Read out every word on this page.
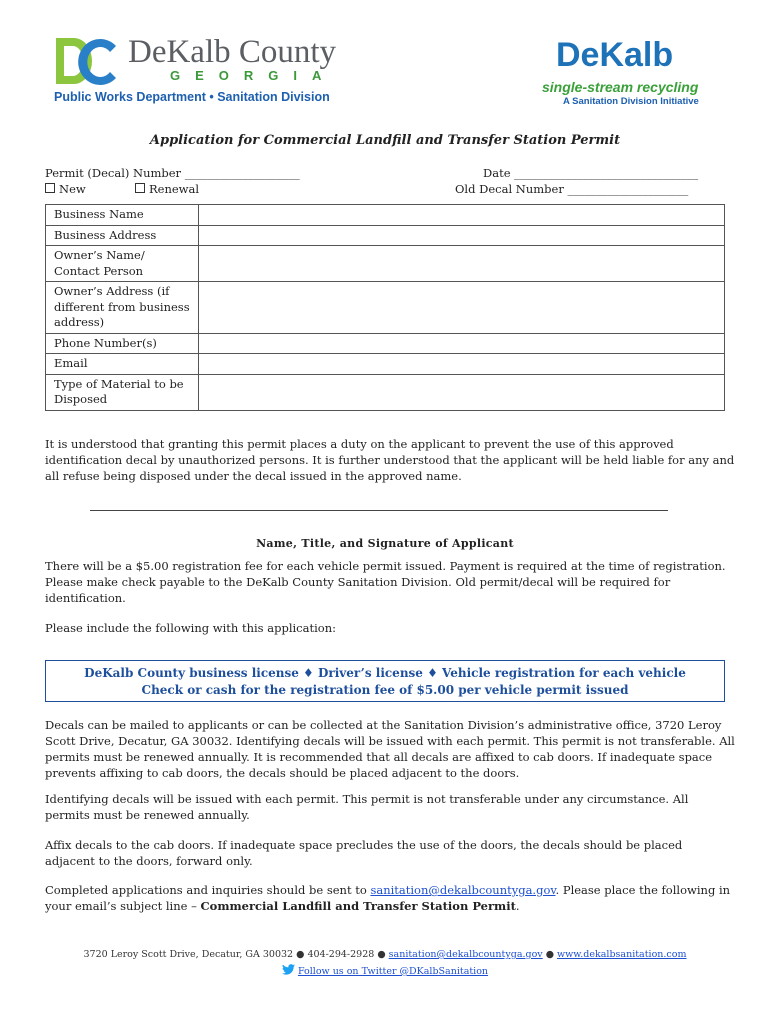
DeKalb County
GEORGIA
Public Works Department • Sanitation Division
DeKalb
single-stream recycling
A Sanitation Division Initiative
Application for Commercial Landfill and Transfer Station Permit
Permit (Decal) Number ____________________
New	Renewal
Date ________________________________
Old Decal Number _____________________
Business Name	
Business Address	
Owner’s Name/ Contact Person	
Owner’s Address (if different from business address)	
Phone Number(s)	
Email	
Type of Material to be Disposed	
It is understood that granting this permit places a duty on the applicant to prevent the use of this approved identification decal by unauthorized persons. It is further understood that the applicant will be held liable for any and all refuse being disposed under the decal issued in the approved name.
Name, Title, and Signature of Applicant
There will be a $5.00 registration fee for each vehicle permit issued. Payment is required at the time of registration. Please make check payable to the DeKalb County Sanitation Division. Old permit/decal will be required for identification.
Please include the following with this application:
DeKalb County business license ♦ Driver’s license ♦ Vehicle registration for each vehicle
Check or cash for the registration fee of $5.00 per vehicle permit issued
Decals can be mailed to applicants or can be collected at the Sanitation Division’s administrative office, 3720 Leroy Scott Drive, Decatur, GA 30032. Identifying decals will be issued with each permit. This permit is not transferable. All permits must be renewed annually. It is recommended that all decals are affixed to cab doors. If inadequate space prevents affixing to cab doors, the decals should be placed adjacent to the doors.
Identifying decals will be issued with each permit. This permit is not transferable under any circumstance. All permits must be renewed annually.
Affix decals to the cab doors. If inadequate space precludes the use of the doors, the decals should be placed adjacent to the doors, forward only.
Completed applications and inquiries should be sent to sanitation@dekalbcountyga.gov. Please place the following in your email’s subject line – Commercial Landfill and Transfer Station Permit.
3720 Leroy Scott Drive, Decatur, GA 30032 ● 404-294-2928 ● sanitation@dekalbcountyga.gov ● www.dekalbsanitation.com
Follow us on Twitter @DKalbSanitation
